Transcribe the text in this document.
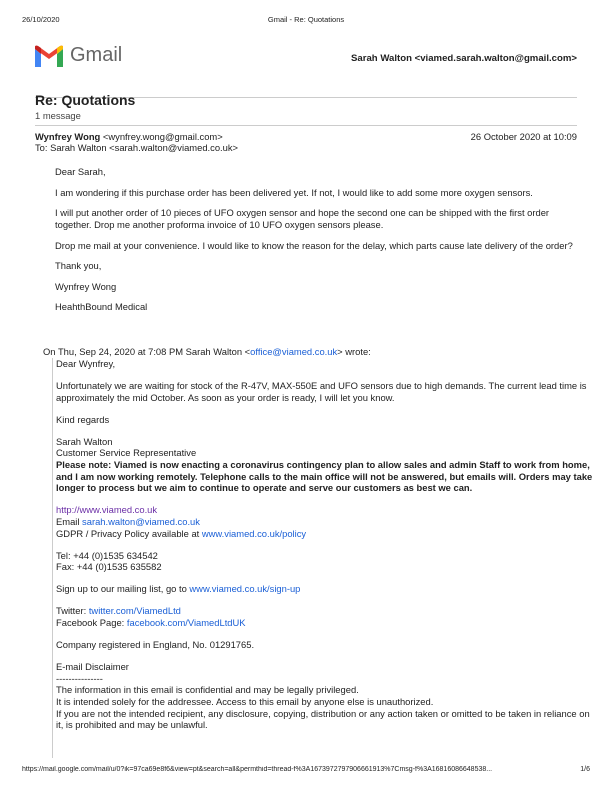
26/10/2020	Gmail - Re: Quotations
Gmail	Sarah Walton <viamed.sarah.walton@gmail.com>
Re: Quotations
1 message
Wynfrey Wong <wynfrey.wong@gmail.com>
To: Sarah Walton <sarah.walton@viamed.co.uk>
26 October 2020 at 10:09

Dear Sarah,

I am wondering if this purchase order has been delivered yet. If not, I would like to add some more oxygen sensors.

I will put another order of 10 pieces of UFO oxygen sensor and hope the second one can be shipped with the first order together. Drop me another proforma invoice of 10 UFO oxygen sensors please.

Drop me mail at your convenience. I would like to know the reason for the delay, which parts cause late delivery of the order?

Thank you,

Wynfrey Wong

HeahthBound Medical

On Thu, Sep 24, 2020 at 7:08 PM Sarah Walton <office@viamed.co.uk> wrote:

Dear Wynfrey,

Unfortunately we are waiting for stock of the R-47V, MAX-550E and UFO sensors due to high demands. The current lead time is approximately the mid October. As soon as your order is ready, I will let you know.

Kind regards

Sarah Walton
Customer Service Representative

Please note: Viamed is now enacting a coronavirus contingency plan to allow sales and admin Staff to work from home, and I am now working remotely. Telephone calls to the main office will not be answered, but emails will. Orders may take longer to process but we aim to continue to operate and serve our customers as best we can.

http://www.viamed.co.uk
Email sarah.walton@viamed.co.uk

GDPR / Privacy Policy available at www.viamed.co.uk/policy

Tel: +44 (0)1535 634542

Fax: +44 (0)1535 635582

Sign up to our mailing list, go to www.viamed.co.uk/sign-up

Twitter: twitter.com/ViamedLtd

Facebook Page: facebook.com/ViamedLtdUK

Company registered in England, No. 01291765.

E-mail Disclaimer
---------------
The information in this email is confidential and may be legally privileged.
It is intended solely for the addressee. Access to this email by anyone else is unauthorized.
If you are not the intended recipient, any disclosure, copying, distribution or any action taken or omitted to be taken in reliance on it, is prohibited and may be unlawful.
https://mail.google.com/mail/u/0?ik=97ca69e8f6&view=pt&search=all&permthid=thread-f%3A1673972797906661913%7Cmsg-f%3A16816086648538...	1/6
